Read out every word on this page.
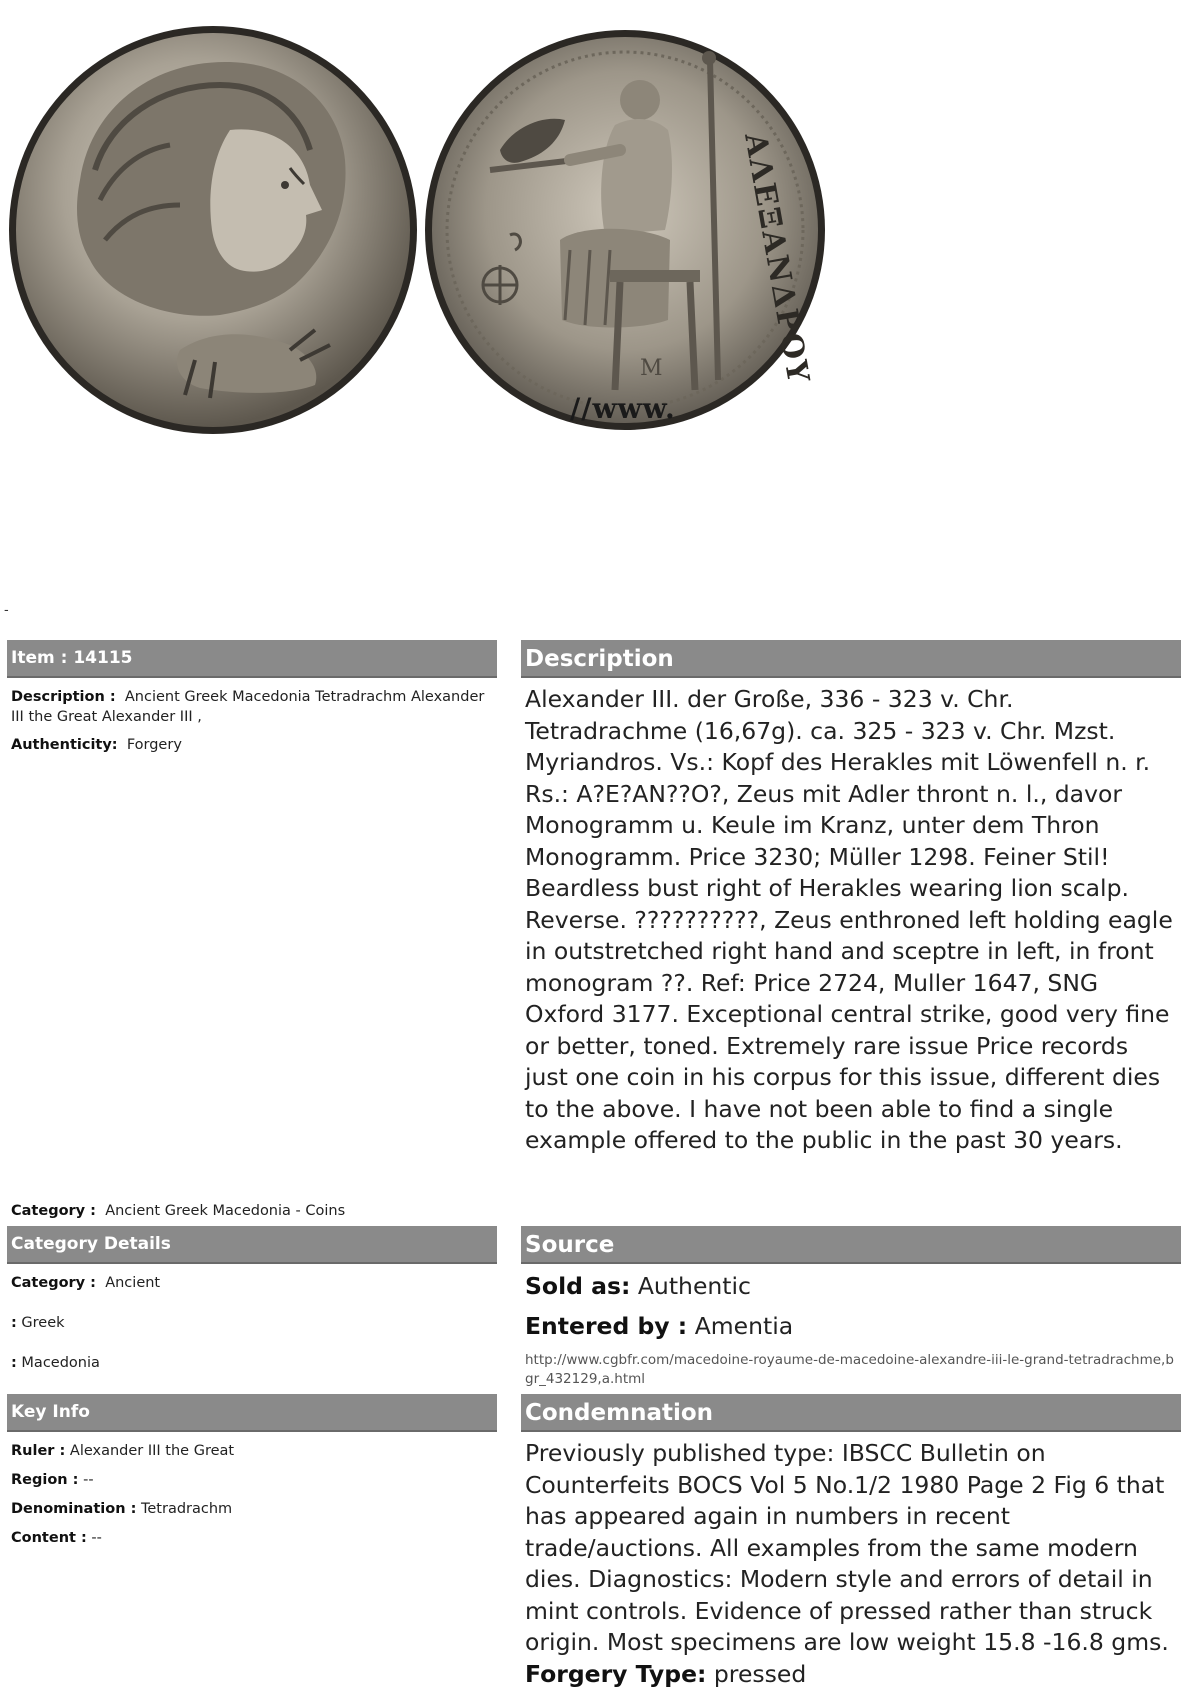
M ΑΛΕΞΑΝΔΡΟΥ
//www.
-
Item : 14115
Description : Ancient Greek Macedonia Tetradrachm Alexander III the Great Alexander III ,
Authenticity: Forgery
Category : Ancient Greek Macedonia - Coins
Category Details
Category : Ancient
: Greek
: Macedonia
Key Info
Ruler : Alexander III the Great
Region : --
Denomination : Tetradrachm
Content : --
Description
Alexander III. der Große, 336 - 323 v. Chr. Tetradrachme (16,67g). ca. 325 - 323 v. Chr. Mzst. Myriandros. Vs.: Kopf des Herakles mit Löwenfell n. r. Rs.: A?E?AN??O?, Zeus mit Adler thront n. l., davor Monogramm u. Keule im Kranz, unter dem Thron Monogramm. Price 3230; Müller 1298. Feiner Stil! Beardless bust right of Herakles wearing lion scalp. Reverse. ??????????, Zeus enthroned left holding eagle in outstretched right hand and sceptre in left, in front monogram ??. Ref: Price 2724, Muller 1647, SNG Oxford 3177. Exceptional central strike, good very fine or better, toned. Extremely rare issue Price records just one coin in his corpus for this issue, different dies to the above. I have not been able to find a single example offered to the public in the past 30 years.
Source
Sold as: Authentic
Entered by : Amentia
http://www.cgbfr.com/macedoine-royaume-de-macedoine-alexandre-iii-le-grand-tetradrachme,bgr_432129,a.html
Condemnation
Previously published type: IBSCC Bulletin on Counterfeits BOCS Vol 5 No.1/2 1980 Page 2 Fig 6 that has appeared again in numbers in recent trade/auctions. All examples from the same modern dies. Diagnostics: Modern style and errors of detail in mint controls. Evidence of pressed rather than struck origin. Most specimens are low weight 15.8 -16.8 gms. Forgery Type: pressed
